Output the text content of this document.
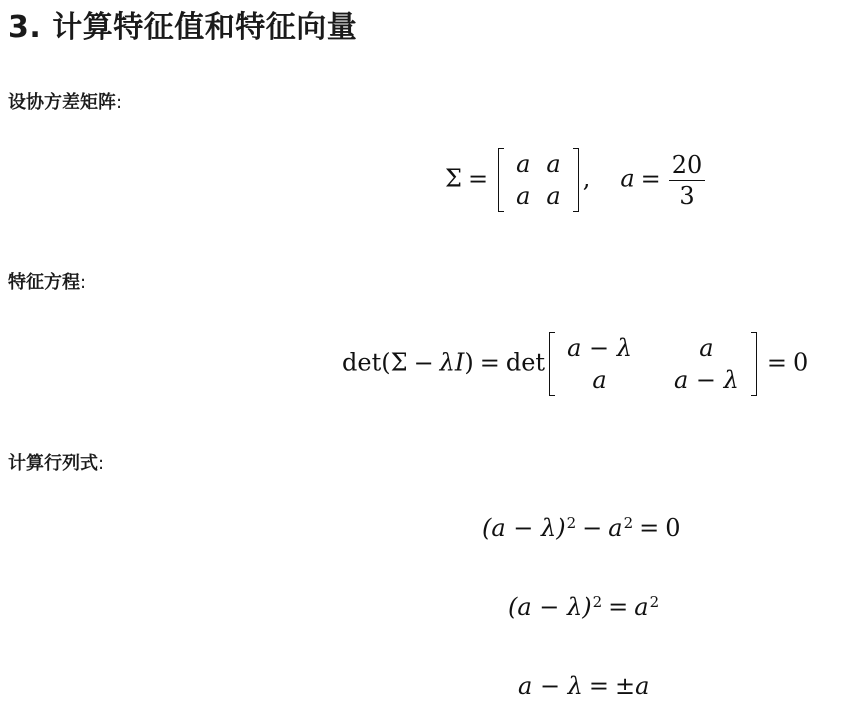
3. 计算特征值和特征向量
设协方差矩阵:
Σ =
a	a
a	a
, $a = \frac{20}{3}$
特征方程:
det(Σ − λI) = det
a − λ	a
a	a − λ
= 0
计算行列式:
$(a - \lambda)^2 - a^2 = 0$
$(a - \lambda)^2 = a^2$
a − λ = ±a
